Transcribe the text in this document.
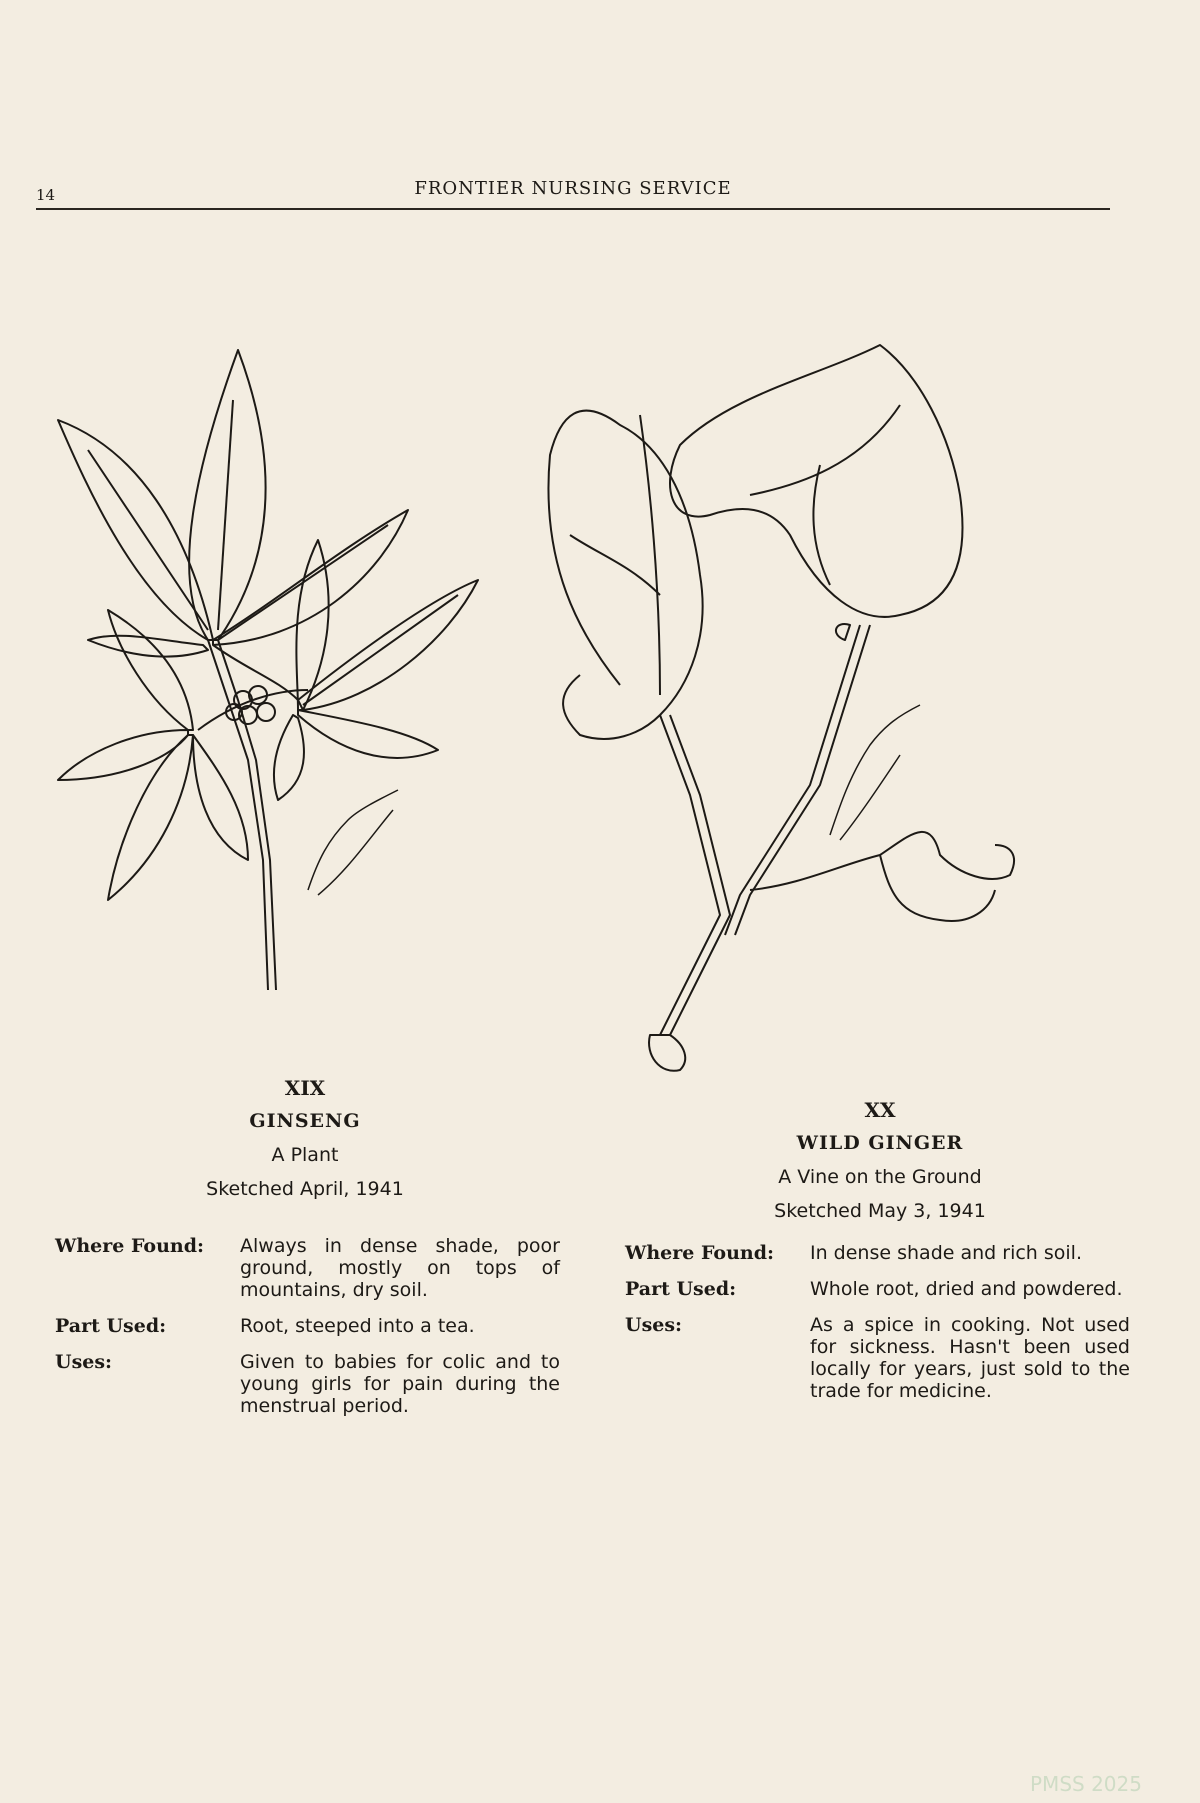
14	FRONTIER NURSING SERVICE
XIX
GINSENG
A Plant
Sketched April, 1941
Where Found:	Always in dense shade, poor ground, mostly on tops of mountains, dry soil.
Part Used:	Root, steeped into a tea.
Uses:	Given to babies for colic and to young girls for pain during the menstrual period.
XX
WILD GINGER
A Vine on the Ground
Sketched May 3, 1941
Where Found:	In dense shade and rich soil.
Part Used:	Whole root, dried and powdered.
Uses:	As a spice in cooking. Not used for sickness. Hasn't been used locally for years, just sold to the trade for medicine.
PMSS 2025
